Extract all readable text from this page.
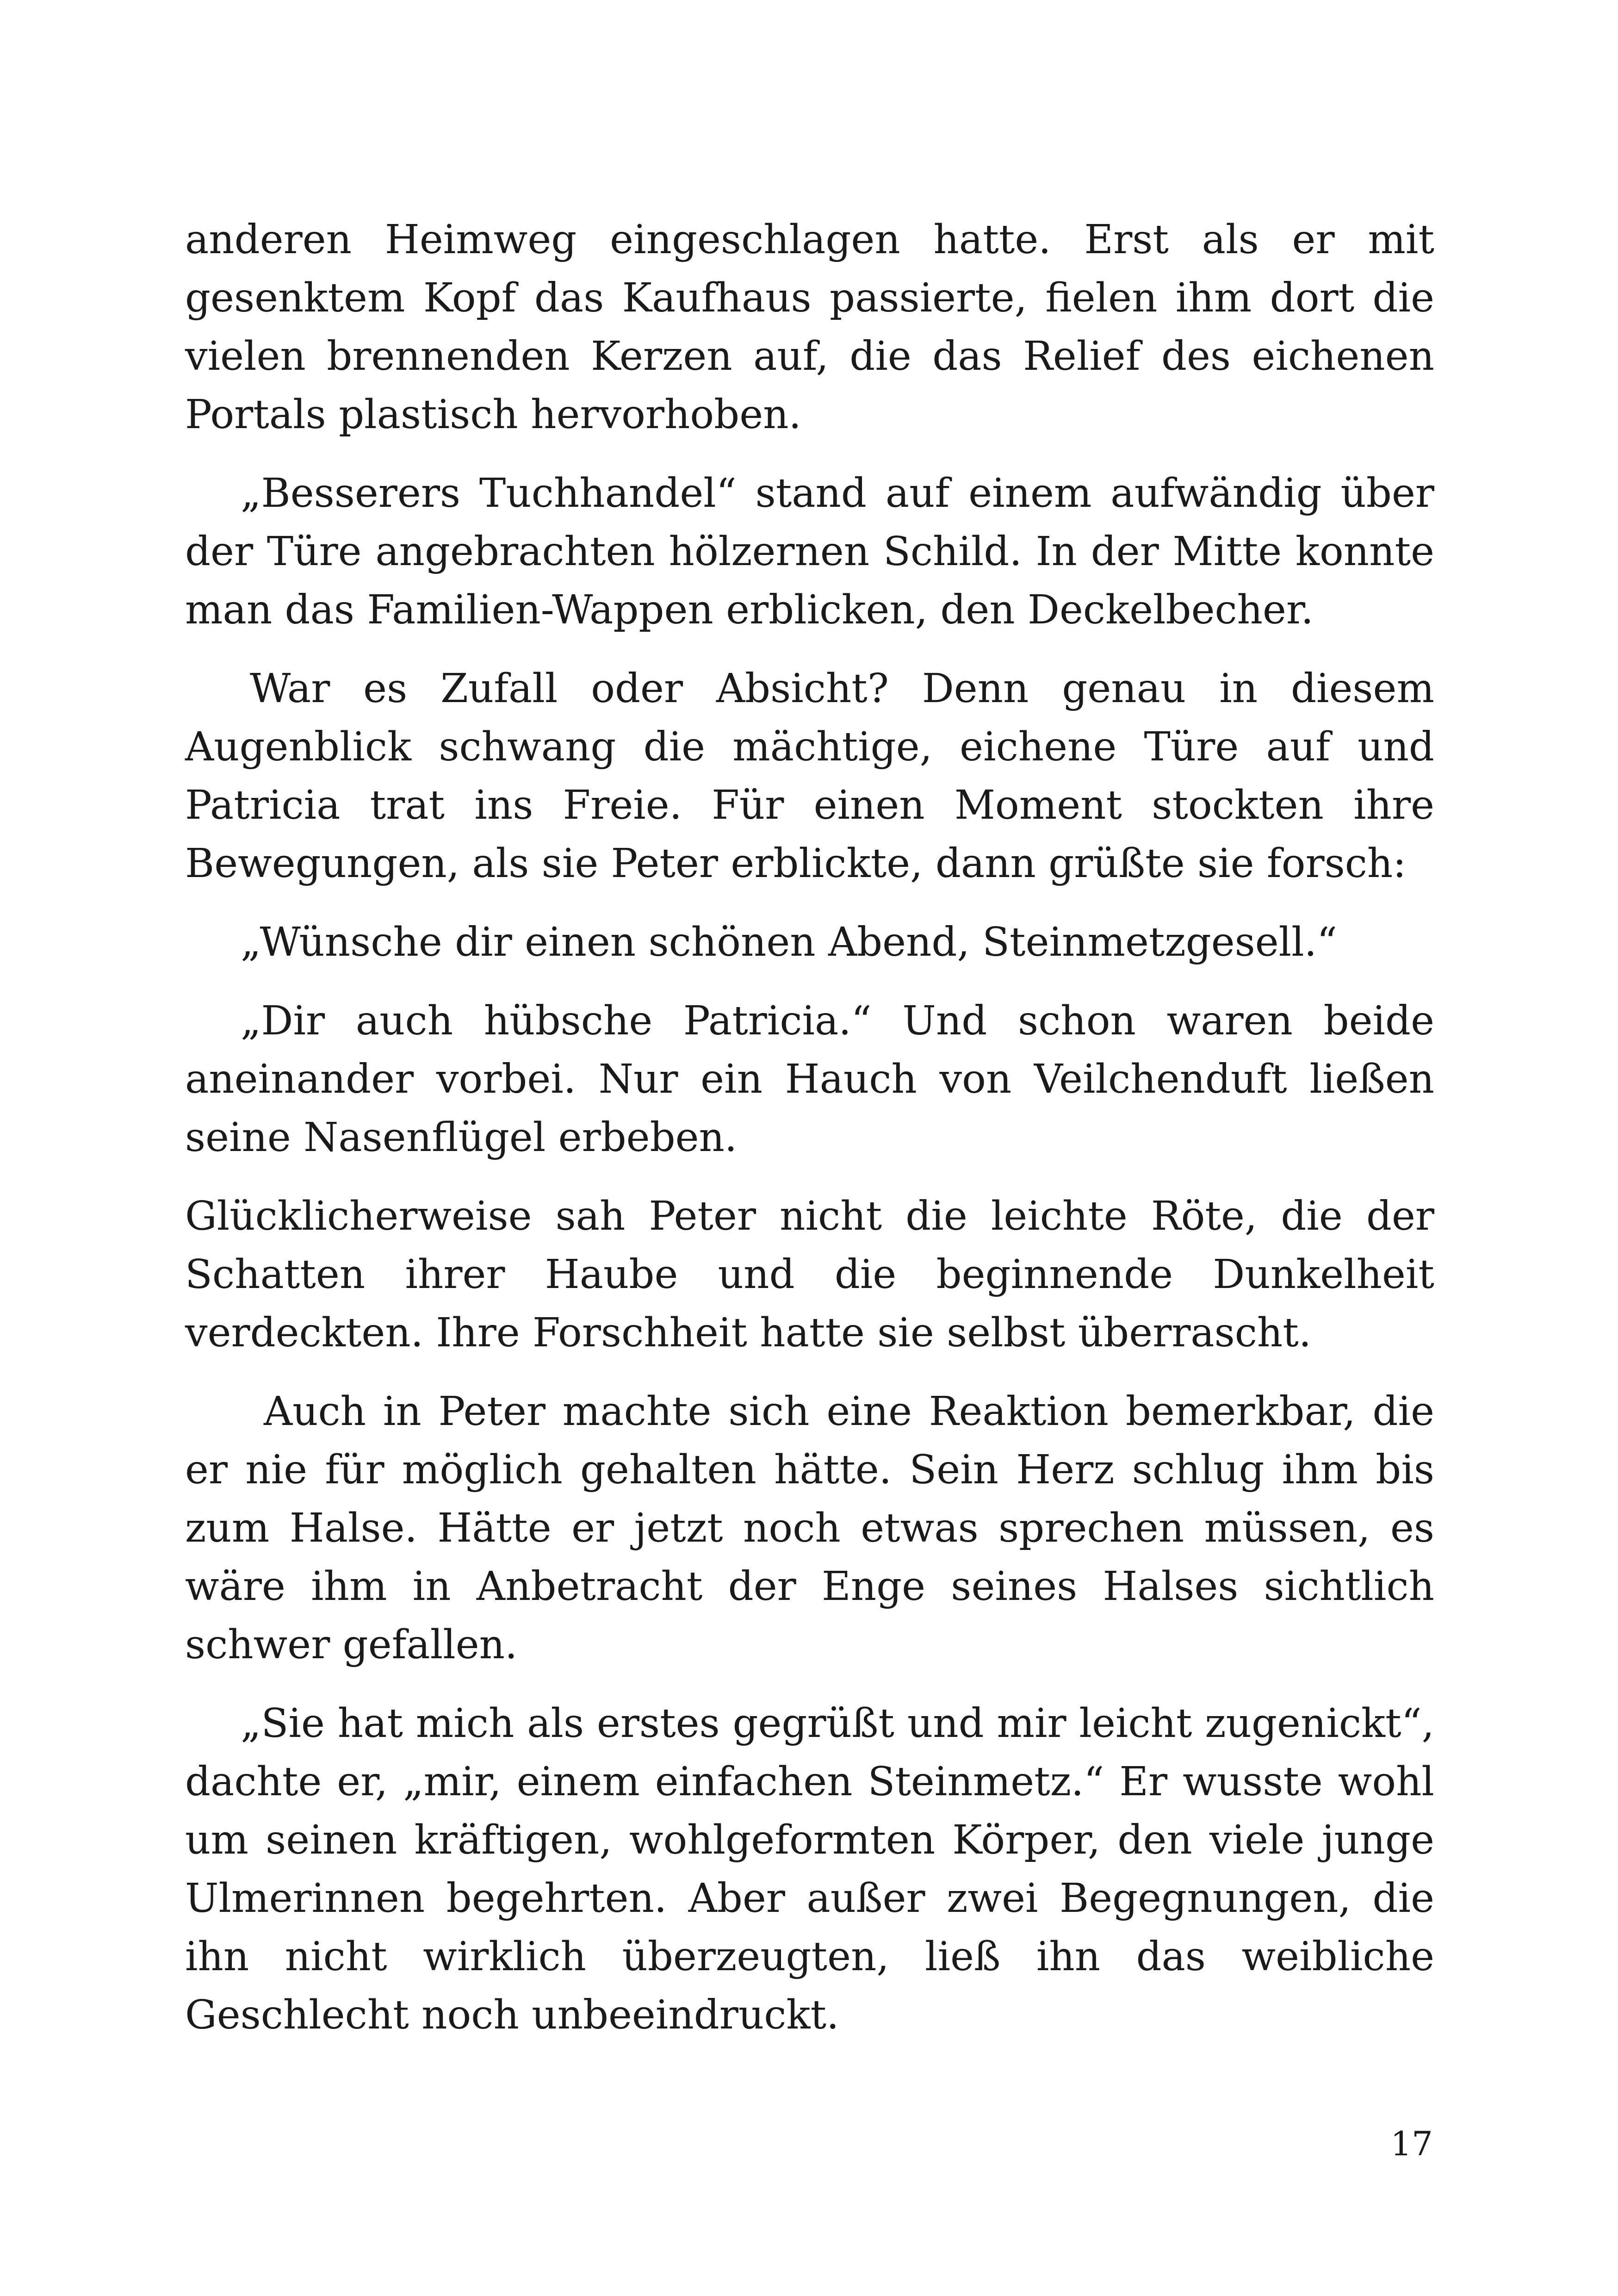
anderen Heimweg eingeschlagen hatte. Erst als er mit gesenktem Kopf das Kaufhaus passierte, fielen ihm dort die vielen brennenden Kerzen auf, die das Relief des eichenen Portals plastisch hervorhoben.

„Besserers Tuchhandel“ stand auf einem aufwändig über der Türe angebrachten hölzernen Schild. In der Mitte konnte man das Familien-Wappen erblicken, den Deckelbecher.

War es Zufall oder Absicht? Denn genau in diesem Augenblick schwang die mächtige, eichene Türe auf und Patricia trat ins Freie. Für einen Moment stockten ihre Bewegungen, als sie Peter erblickte, dann grüßte sie forsch:

„Wünsche dir einen schönen Abend, Steinmetzgesell.“

„Dir auch hübsche Patricia.“ Und schon waren beide aneinander vorbei. Nur ein Hauch von Veilchenduft ließen seine Nasenflügel erbeben.

Glücklicherweise sah Peter nicht die leichte Röte, die der Schatten ihrer Haube und die beginnende Dunkelheit verdeckten. Ihre Forschheit hatte sie selbst überrascht.

Auch in Peter machte sich eine Reaktion bemerkbar, die er nie für möglich gehalten hätte. Sein Herz schlug ihm bis zum Halse. Hätte er jetzt noch etwas sprechen müssen, es wäre ihm in Anbetracht der Enge seines Halses sichtlich schwer gefallen.

„Sie hat mich als erstes gegrüßt und mir leicht zugenickt“, dachte er, „mir, einem einfachen Steinmetz.“ Er wusste wohl um seinen kräftigen, wohlgeformten Körper, den viele junge Ulmerinnen begehrten. Aber außer zwei Begegnungen, die ihn nicht wirklich überzeugten, ließ ihn das weibliche Geschlecht noch unbeeindruckt.

17
